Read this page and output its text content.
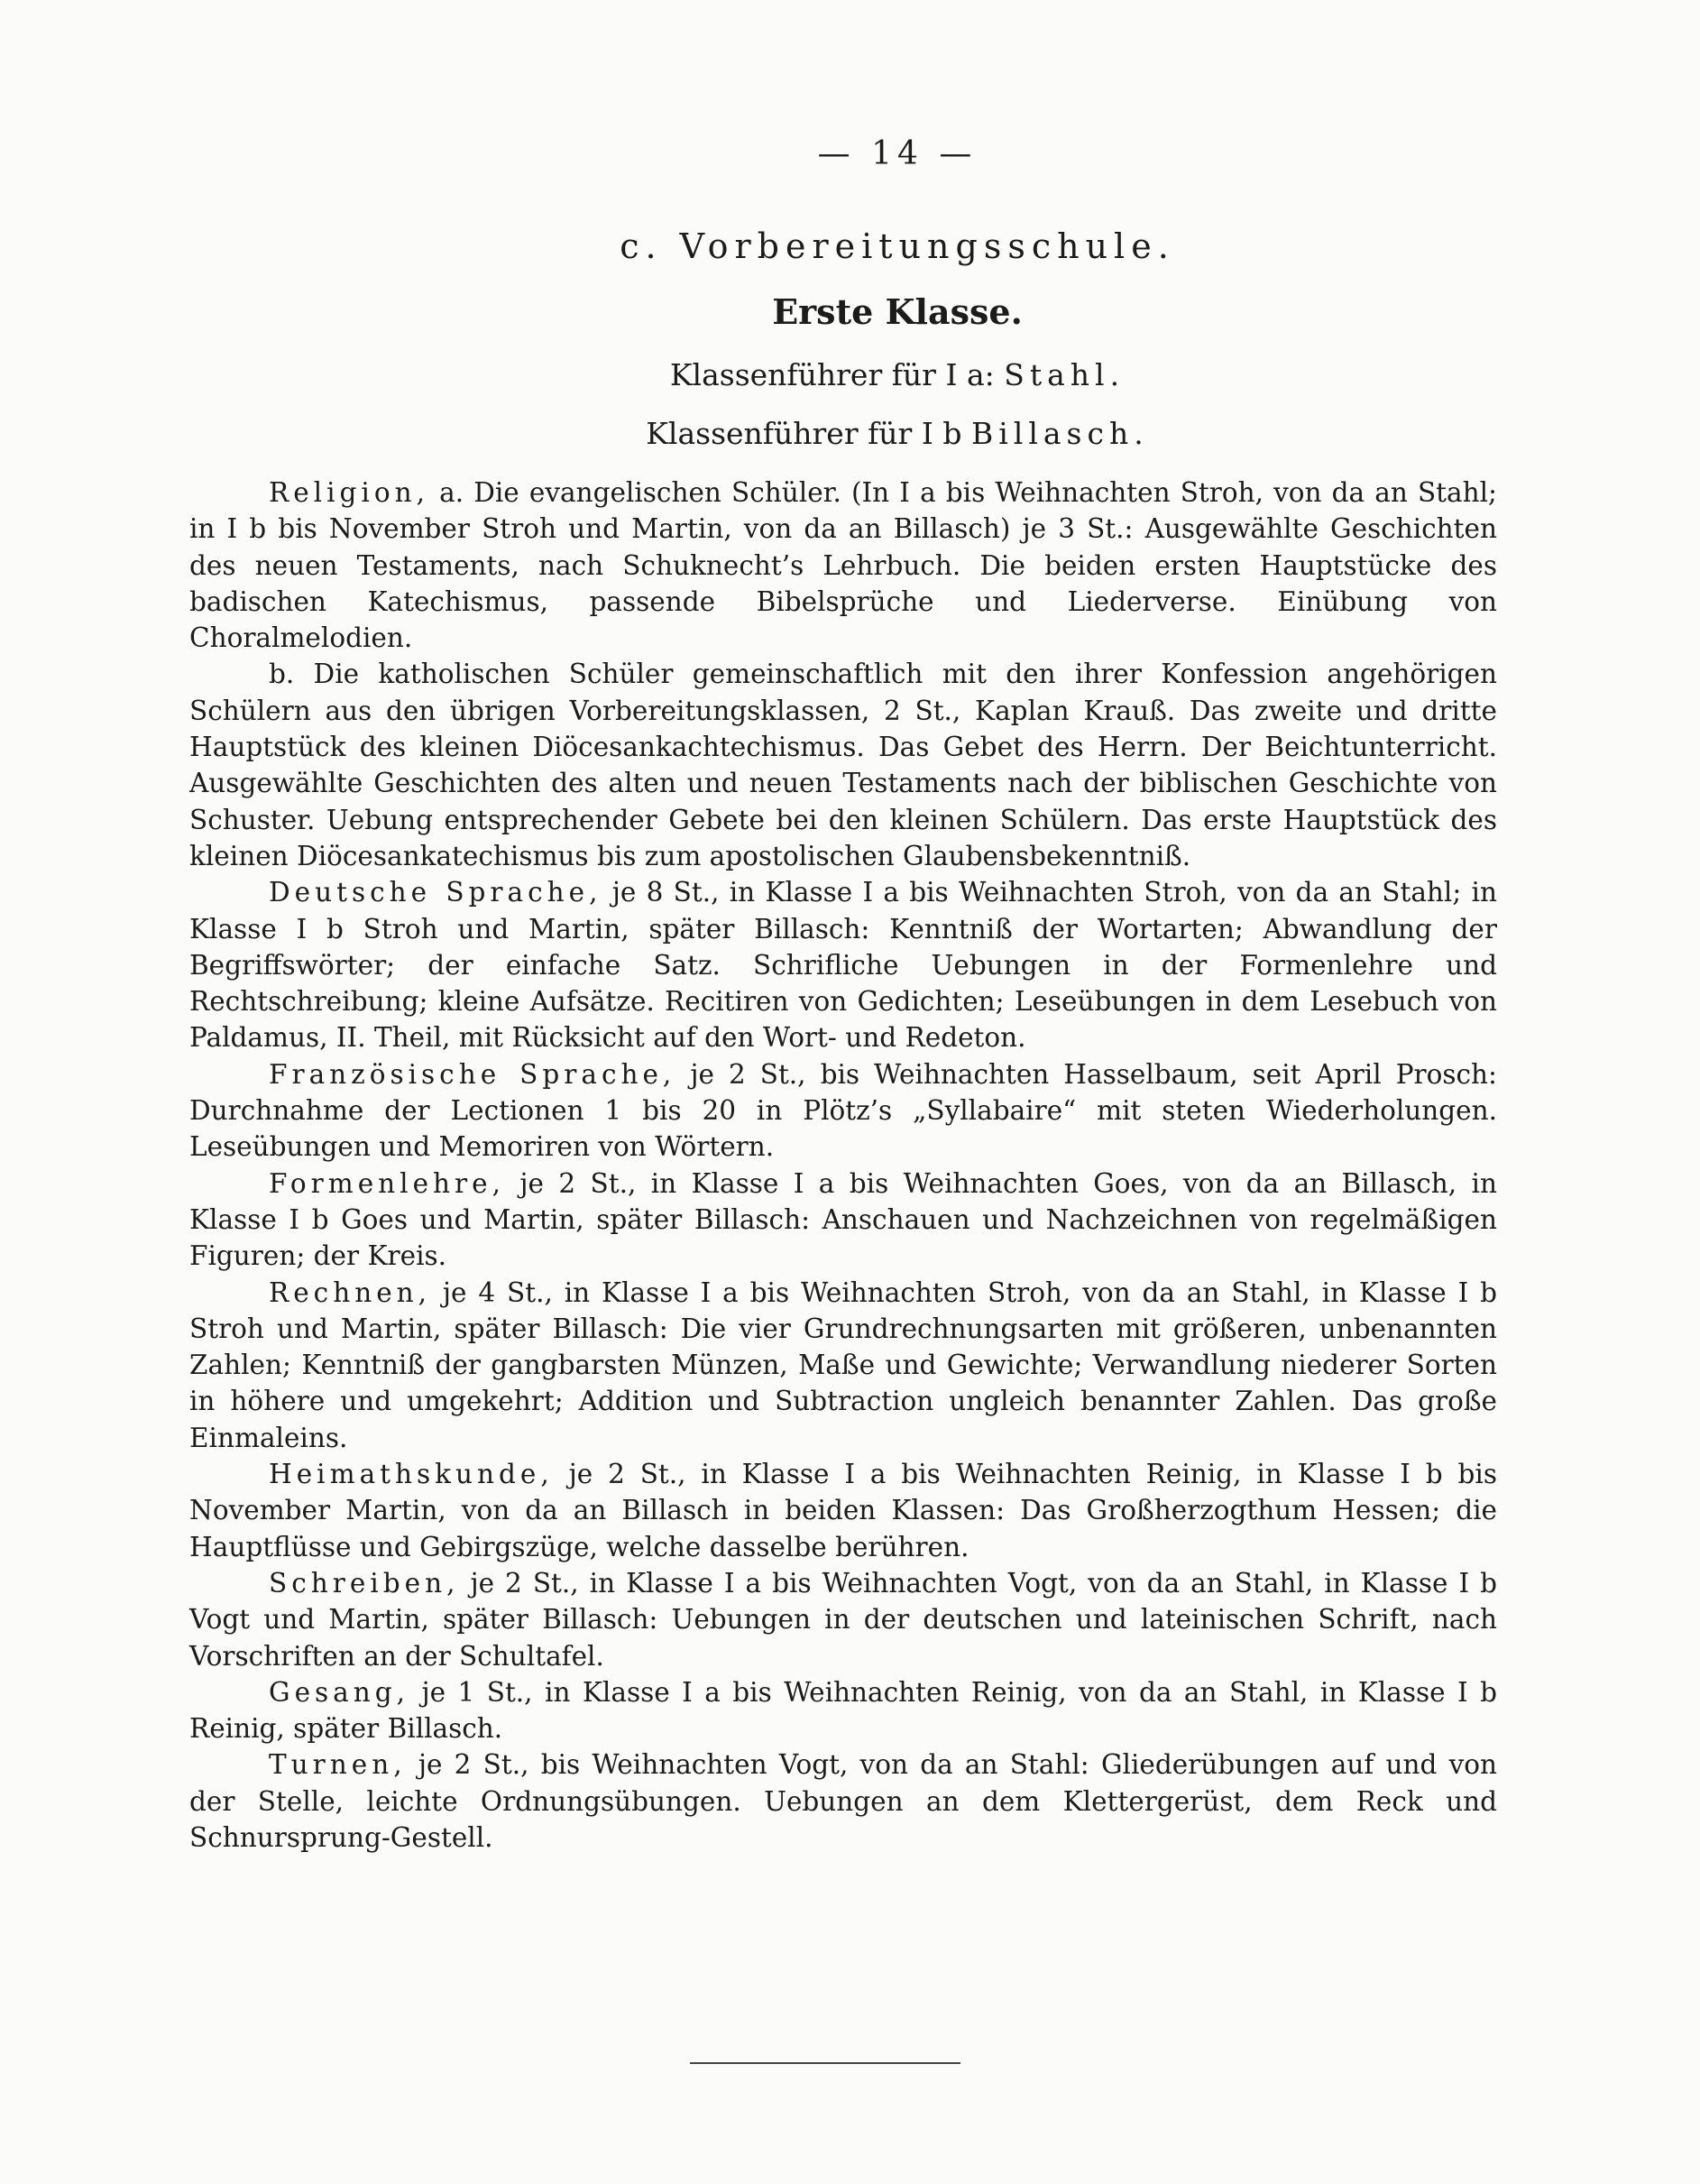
— 14 —
c. Vorbereitungsschule.
Erste Klasse.
Klassenführer für I a: Stahl.
Klassenführer für I b Billasch.

Religion, a. Die evangelischen Schüler. (In I a bis Weihnachten Stroh, von da an Stahl; in I b bis November Stroh und Martin, von da an Billasch) je 3 St.: Ausgewählte Geschichten des neuen Testaments, nach Schuknecht’s Lehrbuch. Die beiden ersten Hauptstücke des badischen Katechismus, passende Bibelsprüche und Liederverse. Einübung von Choralmelodien.

b. Die katholischen Schüler gemeinschaftlich mit den ihrer Konfession angehörigen Schülern aus den übrigen Vorbereitungsklassen, 2 St., Kaplan Krauß. Das zweite und dritte Hauptstück des kleinen Diöcesankachtechismus. Das Gebet des Herrn. Der Beichtunterricht. Ausgewählte Geschichten des alten und neuen Testaments nach der biblischen Geschichte von Schuster. Uebung entsprechender Gebete bei den kleinen Schülern. Das erste Hauptstück des kleinen Diöcesankatechismus bis zum apostolischen Glaubensbekenntniß.

Deutsche Sprache, je 8 St., in Klasse I a bis Weihnachten Stroh, von da an Stahl; in Klasse I b Stroh und Martin, später Billasch: Kenntniß der Wortarten; Abwandlung der Begriffswörter; der einfache Satz. Schrifliche Uebungen in der Formenlehre und Rechtschreibung; kleine Aufsätze. Recitiren von Gedichten; Leseübungen in dem Lesebuch von Paldamus, II. Theil, mit Rücksicht auf den Wort- und Redeton.

Französische Sprache, je 2 St., bis Weihnachten Hasselbaum, seit April Prosch: Durchnahme der Lectionen 1 bis 20 in Plötz’s „Syllabaire“ mit steten Wiederholungen. Leseübungen und Memoriren von Wörtern.

Formenlehre, je 2 St., in Klasse I a bis Weihnachten Goes, von da an Billasch, in Klasse I b Goes und Martin, später Billasch: Anschauen und Nachzeichnen von regelmäßigen Figuren; der Kreis.

Rechnen, je 4 St., in Klasse I a bis Weihnachten Stroh, von da an Stahl, in Klasse I b Stroh und Martin, später Billasch: Die vier Grundrechnungsarten mit größeren, unbenannten Zahlen; Kenntniß der gangbarsten Münzen, Maße und Gewichte; Verwandlung niederer Sorten in höhere und umgekehrt; Addition und Subtraction ungleich benannter Zahlen. Das große Einmaleins.

Heimathskunde, je 2 St., in Klasse I a bis Weihnachten Reinig, in Klasse I b bis November Martin, von da an Billasch in beiden Klassen: Das Großherzogthum Hessen; die Hauptflüsse und Gebirgszüge, welche dasselbe berühren.

Schreiben, je 2 St., in Klasse I a bis Weihnachten Vogt, von da an Stahl, in Klasse I b Vogt und Martin, später Billasch: Uebungen in der deutschen und lateinischen Schrift, nach Vorschriften an der Schultafel.

Gesang, je 1 St., in Klasse I a bis Weihnachten Reinig, von da an Stahl, in Klasse I b Reinig, später Billasch.

Turnen, je 2 St., bis Weihnachten Vogt, von da an Stahl: Gliederübungen auf und von der Stelle, leichte Ordnungsübungen. Uebungen an dem Klettergerüst, dem Reck und Schnursprung-Gestell.
